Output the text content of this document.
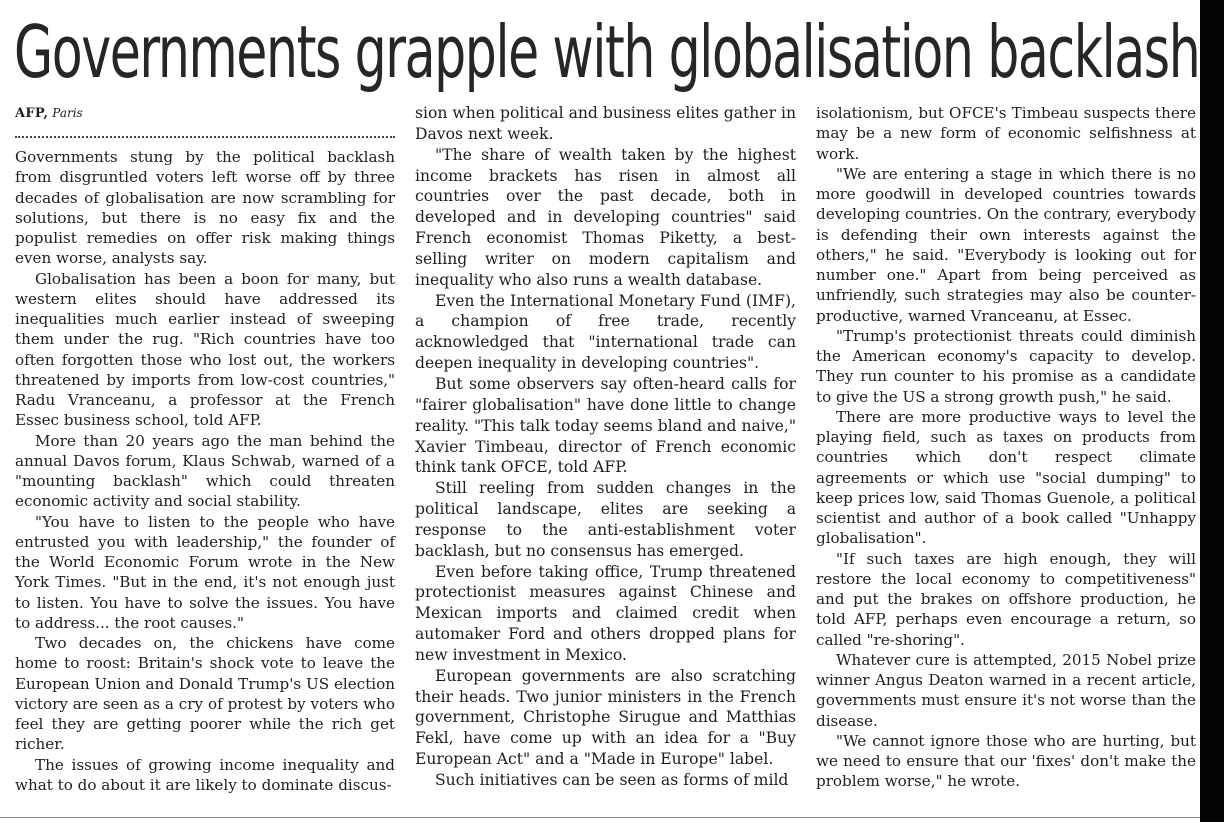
Governments grapple with globalisation backlash
AFP, Paris

Governments stung by the political backlash from disgruntled voters left worse off by three decades of globalisation are now scrambling for solutions, but there is no easy fix and the populist remedies on offer risk making things even worse, analysts say.

Globalisation has been a boon for many, but western elites should have addressed its inequalities much earlier instead of sweeping them under the rug. "Rich countries have too often forgotten those who lost out, the workers threatened by imports from low-cost countries," Radu Vranceanu, a professor at the French Essec business school, told AFP.

More than 20 years ago the man behind the annual Davos forum, Klaus Schwab, warned of a "mounting backlash" which could threaten economic activity and social stability.

"You have to listen to the people who have entrusted you with leadership," the founder of the World Economic Forum wrote in the New York Times. "But in the end, it's not enough just to listen. You have to solve the issues. You have to address... the root causes."

Two decades on, the chickens have come home to roost: Britain's shock vote to leave the European Union and Donald Trump's US election victory are seen as a cry of protest by voters who feel they are getting poorer while the rich get richer.

The issues of growing income inequality and what to do about it are likely to dominate discus-

sion when political and business elites gather in Davos next week.

"The share of wealth taken by the highest income brackets has risen in almost all countries over the past decade, both in developed and in developing countries" said French economist Thomas Piketty, a best-selling writer on modern capitalism and inequality who also runs a wealth database.

Even the International Monetary Fund (IMF), a champion of free trade, recently acknowledged that "international trade can deepen inequality in developing countries".

But some observers say often-heard calls for "fairer globalisation" have done little to change reality. "This talk today seems bland and naive," Xavier Timbeau, director of French economic think tank OFCE, told AFP.

Still reeling from sudden changes in the political landscape, elites are seeking a response to the anti-establishment voter backlash, but no consensus has emerged.

Even before taking office, Trump threatened protectionist measures against Chinese and Mexican imports and claimed credit when automaker Ford and others dropped plans for new investment in Mexico.

European governments are also scratching their heads. Two junior ministers in the French government, Christophe Sirugue and Matthias Fekl, have come up with an idea for a "Buy European Act" and a "Made in Europe" label.

Such initiatives can be seen as forms of mild

isolationism, but OFCE's Timbeau suspects there may be a new form of economic selfishness at work.

"We are entering a stage in which there is no more goodwill in developed countries towards developing countries. On the contrary, everybody is defending their own interests against the others," he said. "Everybody is looking out for number one." Apart from being perceived as unfriendly, such strategies may also be counter-productive, warned Vranceanu, at Essec.

"Trump's protectionist threats could diminish the American economy's capacity to develop. They run counter to his promise as a candidate to give the US a strong growth push," he said.

There are more productive ways to level the playing field, such as taxes on products from countries which don't respect climate agreements or which use "social dumping" to keep prices low, said Thomas Guenole, a political scientist and author of a book called "Unhappy globalisation".

"If such taxes are high enough, they will restore the local economy to competitiveness" and put the brakes on offshore production, he told AFP, perhaps even encourage a return, so called "re-shoring".

Whatever cure is attempted, 2015 Nobel prize winner Angus Deaton warned in a recent article, governments must ensure it's not worse than the disease.

"We cannot ignore those who are hurting, but we need to ensure that our 'fixes' don't make the problem worse," he wrote.
